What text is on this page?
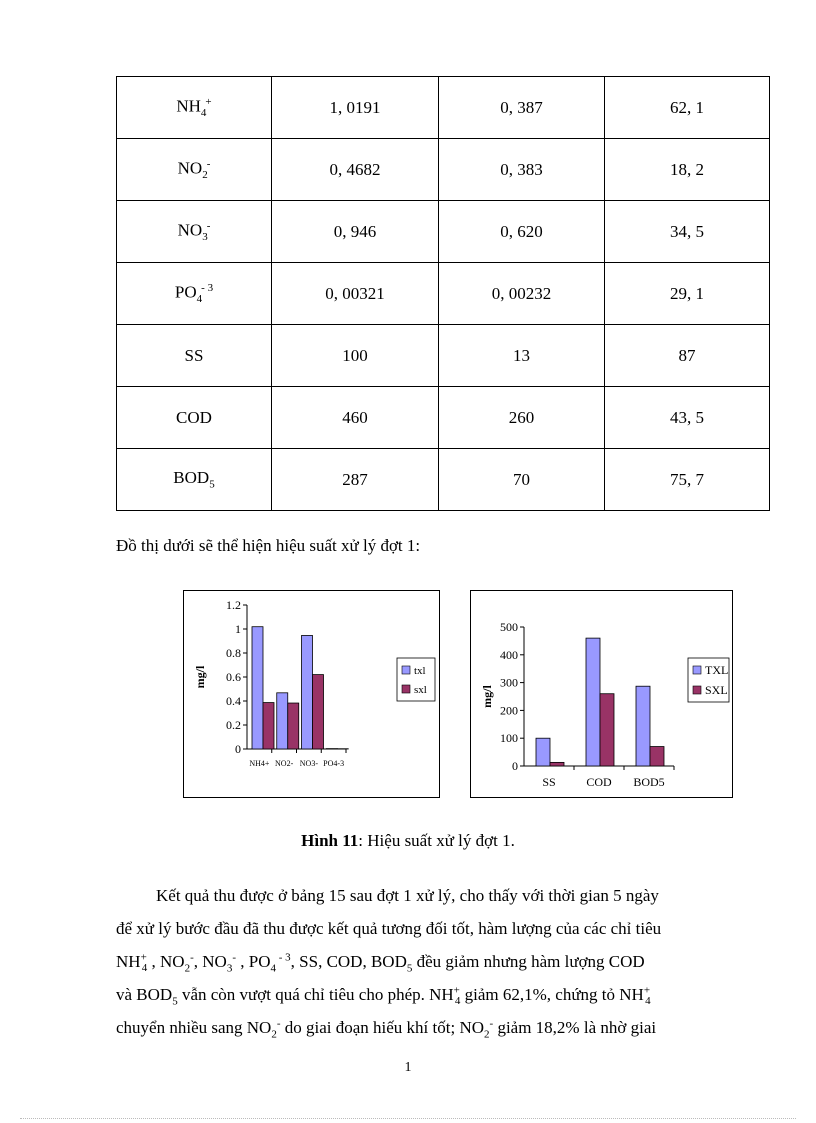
$NH_4^+$	1, 0191	0, 387	62, 1
$NO_2^-$	0, 4682	0, 383	18, 2
$NO_3^-$	0, 946	0, 620	34, 5
$PO_4^{- 3}$	0, 00321	0, 00232	29, 1
SS	100	13	87
COD	460	260	43, 5
$BOD_5$	287	70	75, 7
Đồ thị dưới sẽ thể hiện hiệu suất xử lý đợt 1:
0
0.2
0.4
0.6
0.8
1
1.2
mg/l
NH4+ NO2- NO3- PO4-3
txl
sxl
0
100
200
300
400
500
mg/l
SS	COD BOD5
TXL
SXL
Hình 11: Hiệu suất xử lý đợt 1.
Kết quả thu được ở bảng 15 sau đợt 1 xử lý, cho thấy với thời gian 5 ngày
để xử lý bước đầu đã thu được kết quả tương đối tốt, hàm lượng của các chỉ tiêu
$NH^+_4$ , $NO_2^-$, $NO_3^-$ , $PO_4$ $^{- 3}$, SS, COD, $BOD_5$ đều giảm nhưng hàm lượng COD
và $BOD_5$ vẫn còn vượt quá chỉ tiêu cho phép. $NH^+_4$ giảm 62,1%, chứng tỏ $NH^+_4$
chuyển nhiều sang $NO_2^-$ do giai đoạn hiếu khí tốt; $NO_2^-$ giảm 18,2% là nhờ giai
1
